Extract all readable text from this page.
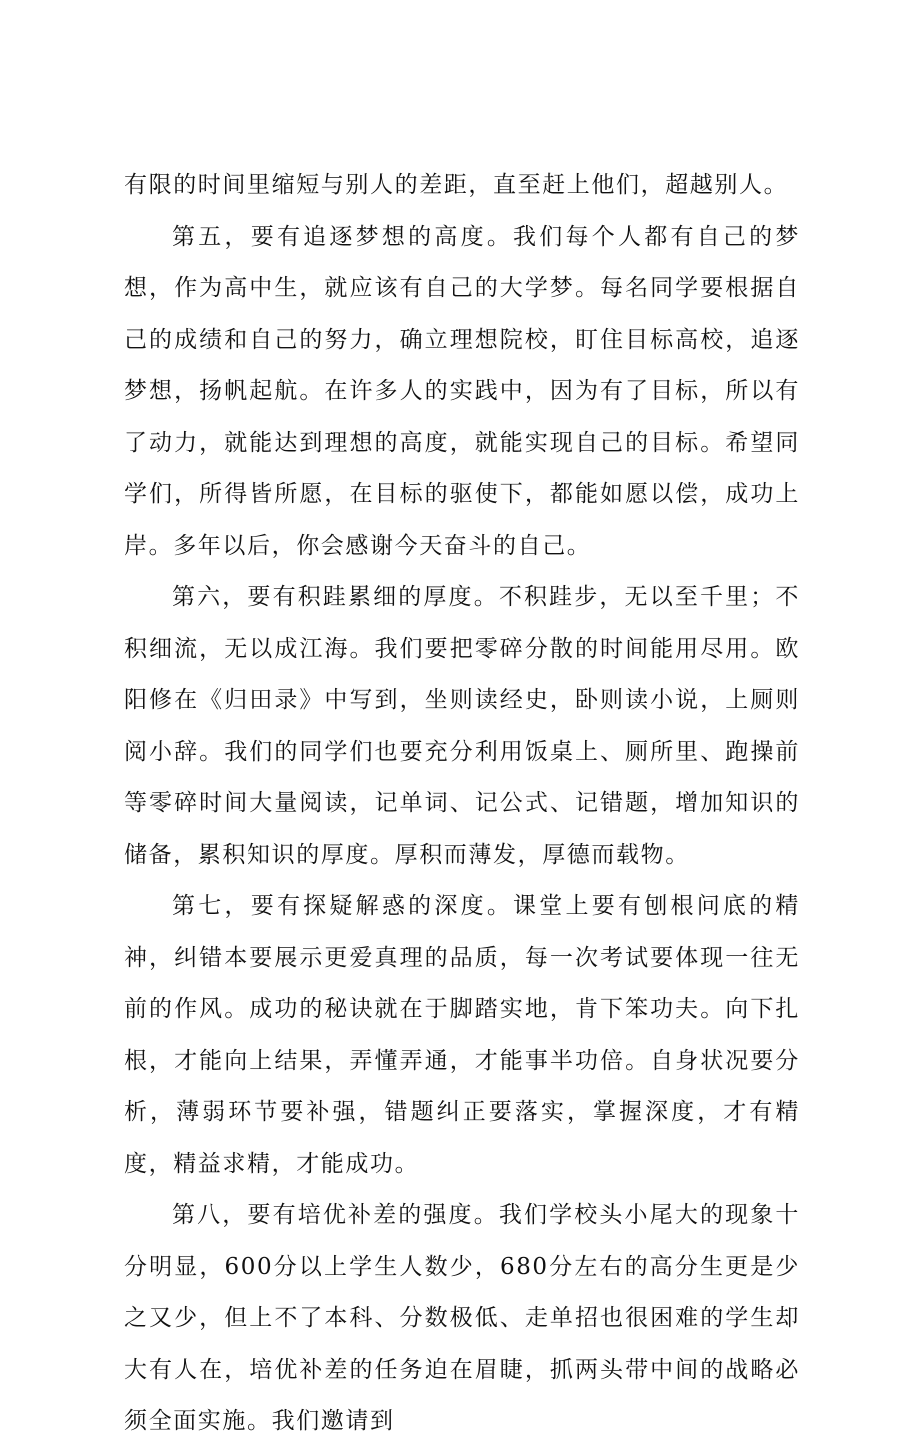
有限的时间里缩短与别人的差距，直至赶上他们，超越别人。

第五，要有追逐梦想的高度。我们每个人都有自己的梦想，作为高中生，就应该有自己的大学梦。每名同学要根据自己的成绩和自己的努力，确立理想院校，盯住目标高校，追逐梦想，扬帆起航。在许多人的实践中，因为有了目标，所以有了动力，就能达到理想的高度，就能实现自己的目标。希望同学们，所得皆所愿，在目标的驱使下，都能如愿以偿，成功上岸。多年以后，你会感谢今天奋斗的自己。

第六，要有积跬累细的厚度。不积跬步，无以至千里；不积细流，无以成江海。我们要把零碎分散的时间能用尽用。欧阳修在《归田录》中写到，坐则读经史，卧则读小说，上厕则阅小辞。我们的同学们也要充分利用饭桌上、厕所里、跑操前等零碎时间大量阅读，记单词、记公式、记错题，增加知识的储备，累积知识的厚度。厚积而薄发，厚德而载物。

第七，要有探疑解惑的深度。课堂上要有刨根问底的精神，纠错本要展示更爱真理的品质，每一次考试要体现一往无前的作风。成功的秘诀就在于脚踏实地，肯下笨功夫。向下扎根，才能向上结果，弄懂弄通，才能事半功倍。自身状况要分析，薄弱环节要补强，错题纠正要落实，掌握深度，才有精度，精益求精，才能成功。

第八，要有培优补差的强度。我们学校头小尾大的现象十分明显，600分以上学生人数少，680分左右的高分生更是少之又少，但上不了本科、分数极低、走单招也很困难的学生却大有人在，培优补差的任务迫在眉睫，抓两头带中间的战略必须全面实施。我们邀请到
